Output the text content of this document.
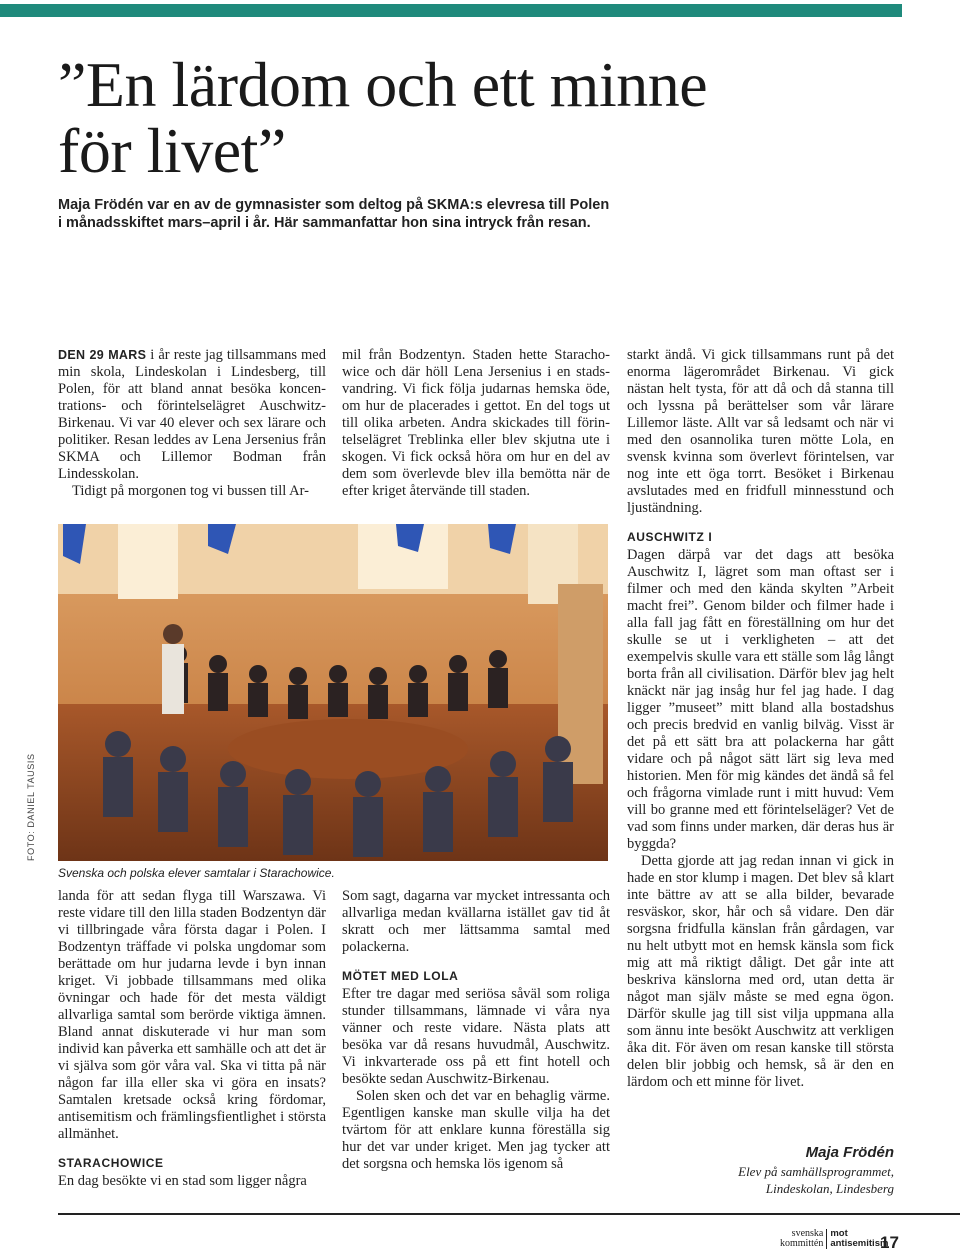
”En lärdom och ett minne
för livet”
Maja Frödén var en av de gymnasister som deltog på SKMA:s elevresa till Polen
i månadsskiftet mars–april i år. Här sammanfattar hon sina intryck från resan.

DEN 29 MARS i år reste jag tillsammans med min skola, Lindeskolan i Lindesberg, till Polen, för att bland annat besöka koncentrations- och förintelselägret Auschwitz-Birkenau. Vi var 40 elever och sex lärare och politiker. Resan leddes av Lena Jersenius från SKMA och Lillemor Bodman från Lindesskolan.

Tidigt på morgonen tog vi bussen till Ar-

mil från Bodzentyn. Staden hette Starachowice och där höll Lena Jersenius i en stadsvandring. Vi fick följa judarnas hemska öde, om hur de placerades i gettot. En del togs ut till olika arbeten. Andra skickades till förintelselägret Treblinka eller blev skjutna ute i skogen. Vi fick också höra om hur en del av dem som överlevde blev illa bemötta när de efter kriget återvände till staden.

starkt ändå. Vi gick tillsammans runt på det enorma lägerområdet Birkenau. Vi gick nästan helt tysta, för att då och då stanna till och lyssna på berättelser som vår lärare Lillemor läste. Allt var så ledsamt och när vi med den osannolika turen mötte Lola, en svensk kvinna som överlevt förintelsen, var nog inte ett öga torrt. Besöket i Birkenau avslutades med en fridfull minnesstund och ljuständning.

AUSCHWITZ I

Dagen därpå var det dags att besöka Auschwitz I, lägret som man oftast ser i filmer och med den kända skylten ”Arbeit macht frei”. Genom bilder och filmer hade i alla fall jag fått en föreställning om hur det skulle se ut i verkligheten – att det exempelvis skulle vara ett ställe som låg långt borta från all civilisation. Därför blev jag helt knäckt när jag insåg hur fel jag hade. I dag ligger ”museet” mitt bland alla bostadshus och precis bredvid en vanlig bilväg. Visst är det på ett sätt bra att polackerna har gått vidare och på något sätt lärt sig leva med historien. Men för mig kändes det ändå så fel och frågorna vimlade runt i mitt huvud: Vem vill bo granne med ett förintelseläger? Vet de vad som finns under marken, där deras hus är byggda?

Detta gjorde att jag redan innan vi gick in hade en stor klump i magen. Det blev så klart inte bättre av att se alla bilder, bevarade resväskor, skor, hår och så vidare. Den där sorgsna fridfulla känslan från gårdagen, var nu helt utbytt mot en hemsk känsla som fick mig att må riktigt dåligt. Det går inte att beskriva känslorna med ord, utan detta är något man själv måste se med egna ögon. Därför skulle jag till sist vilja uppmana alla som ännu inte besökt Auschwitz att verkligen åka dit. För även om resan kanske till största delen blir jobbig och hemsk, så är den en lärdom och ett minne för livet.

FOTO: DANIEL TAUSIS
Svenska och polska elever samtalar i Starachowice.

landa för att sedan flyga till Warszawa. Vi reste vidare till den lilla staden Bodzentyn där vi tillbringade våra första dagar i Polen. I Bodzentyn träffade vi polska ungdomar som berättade om hur judarna levde i byn innan kriget. Vi jobbade tillsammans med olika övningar och hade för det mesta väldigt allvarliga samtal som berörde viktiga ämnen. Bland annat diskuterade vi hur man som individ kan påverka ett samhälle och att det är vi själva som gör våra val. Ska vi titta på när någon far illa eller ska vi göra en insats? Samtalen kretsade också kring fördomar, antisemitism och främlingsfientlighet i största allmänhet.

STARACHOWICE

En dag besökte vi en stad som ligger några

Som sagt, dagarna var mycket intressanta och allvarliga medan kvällarna istället gav tid åt skratt och mer lättsamma samtal med polackerna.

MÖTET MED LOLA

Efter tre dagar med seriösa såväl som roliga stunder tillsammans, lämnade vi våra nya vänner och reste vidare. Nästa plats att besöka var då resans huvudmål, Auschwitz. Vi inkvarterade oss på ett fint hotell och besökte sedan Auschwitz-Birkenau.

Solen sken och det var en behaglig värme. Egentligen kanske man skulle vilja ha det tvärtom för att enklare kunna föreställa sig hur det var under kriget. Men jag tycker att det sorgsna och hemska lös igenom så

Maja Frödén
Elev på samhällsprogrammet,
Lindeskolan, Lindesberg
svenska
kommittén
mot
antisemitism
17
